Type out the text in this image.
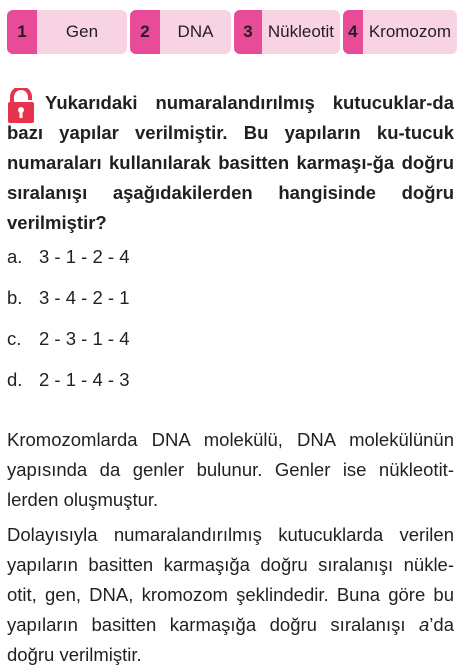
1	Gen	2	DNA	3 Nükleotit 4 Kromozom
Yukarıdaki numaralandırılmış kutucuklar-da bazı yapılar verilmiştir. Bu yapıların ku-tucuk numaraları kullanılarak basitten karmaşı-ğa doğru sıralanışı aşağıdakilerden hangisinde doğru verilmiştir?
a. 3 - 1 - 2 - 4
b. 3 - 4 - 2 - 1
c. 2 - 3 - 1 - 4
d. 2 - 1 - 4 - 3
Kromozomlarda DNA molekülü, DNA molekülünün yapısında da genler bulunur. Genler ise nükleotit-lerden oluşmuştur.
Dolayısıyla numaralandırılmış kutucuklarda verilen yapıların basitten karmaşığa doğru sıralanışı nükle-otit, gen, DNA, kromozom şeklindedir. Buna göre bu yapıların basitten karmaşığa doğru sıralanışı a’da doğru verilmiştir.
